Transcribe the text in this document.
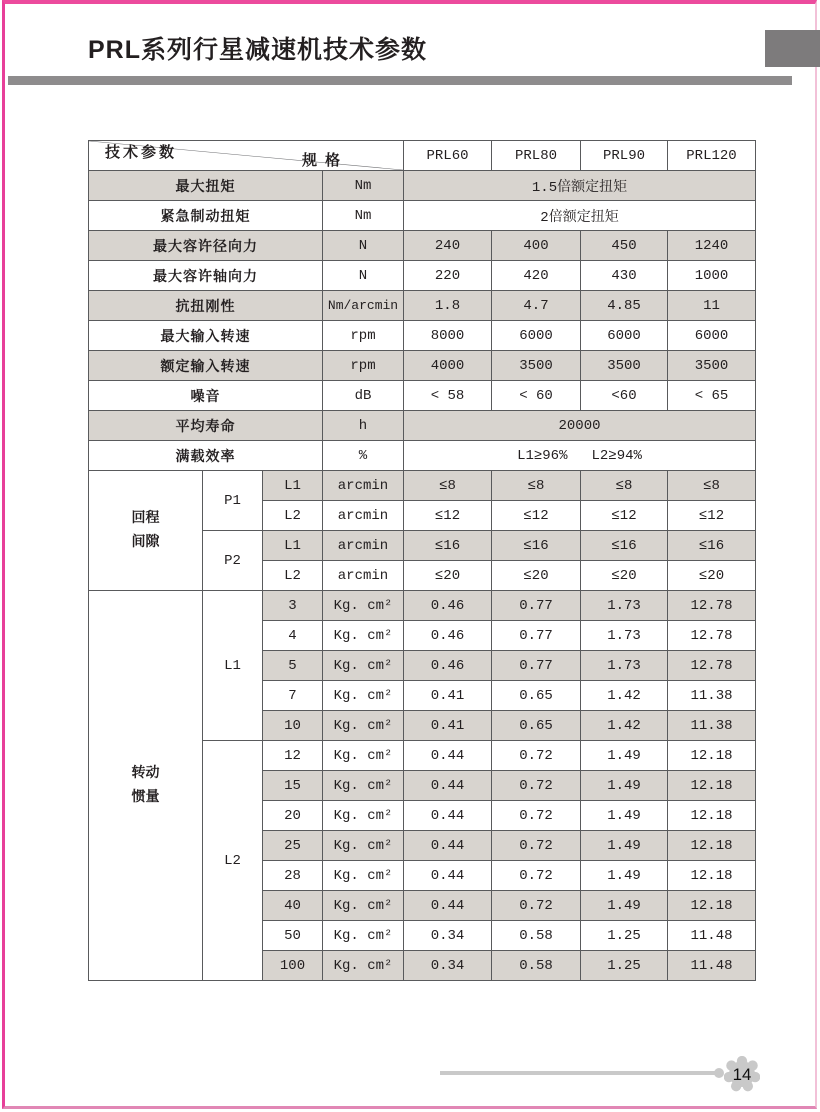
PRL系列行星减速机技术参数
规格
技术参数				PRL60	PRL80	PRL90	PRL120
最大扭矩			Nm	1.5倍额定扭矩			
紧急制动扭矩			Nm	2倍额定扭矩			
最大容许径向力			N	240	400	450	1240
最大容许轴向力			N	220	420	430	1000
抗扭刚性			Nm/arcmin	1.8	4.7	4.85	11
最大输入转速			rpm	8000	6000	6000	6000
额定输入转速			rpm	4000	3500	3500	3500
噪音			dB	< 58	< 60	<60	< 65
平均寿命			h	20000			
满载效率			%	L1≥96% L2≥94%			

回程
间隙	P1	L1	arcmin	≤8	≤8	≤8	≤8
		L2	arcmin	≤12	≤12	≤12	≤12
	P2	L1	arcmin	≤16	≤16	≤16	≤16
		L2	arcmin	≤20	≤20	≤20	≤20

转动
惯量	L1	3	Kg. cm²	0.46	0.77	1.73	12.78
		4	Kg. cm²	0.46	0.77	1.73	12.78
		5	Kg. cm²	0.46	0.77	1.73	12.78
		7	Kg. cm²	0.41	0.65	1.42	11.38
		10	Kg. cm²	0.41	0.65	1.42	11.38
	L2	12	Kg. cm²	0.44	0.72	1.49	12.18
		15	Kg. cm²	0.44	0.72	1.49	12.18
		20	Kg. cm²	0.44	0.72	1.49	12.18
		25	Kg. cm²	0.44	0.72	1.49	12.18
		28	Kg. cm²	0.44	0.72	1.49	12.18
		40	Kg. cm²	0.44	0.72	1.49	12.18
		50	Kg. cm²	0.34	0.58	1.25	11.48
		100	Kg. cm²	0.34	0.58	1.25	11.48
14
